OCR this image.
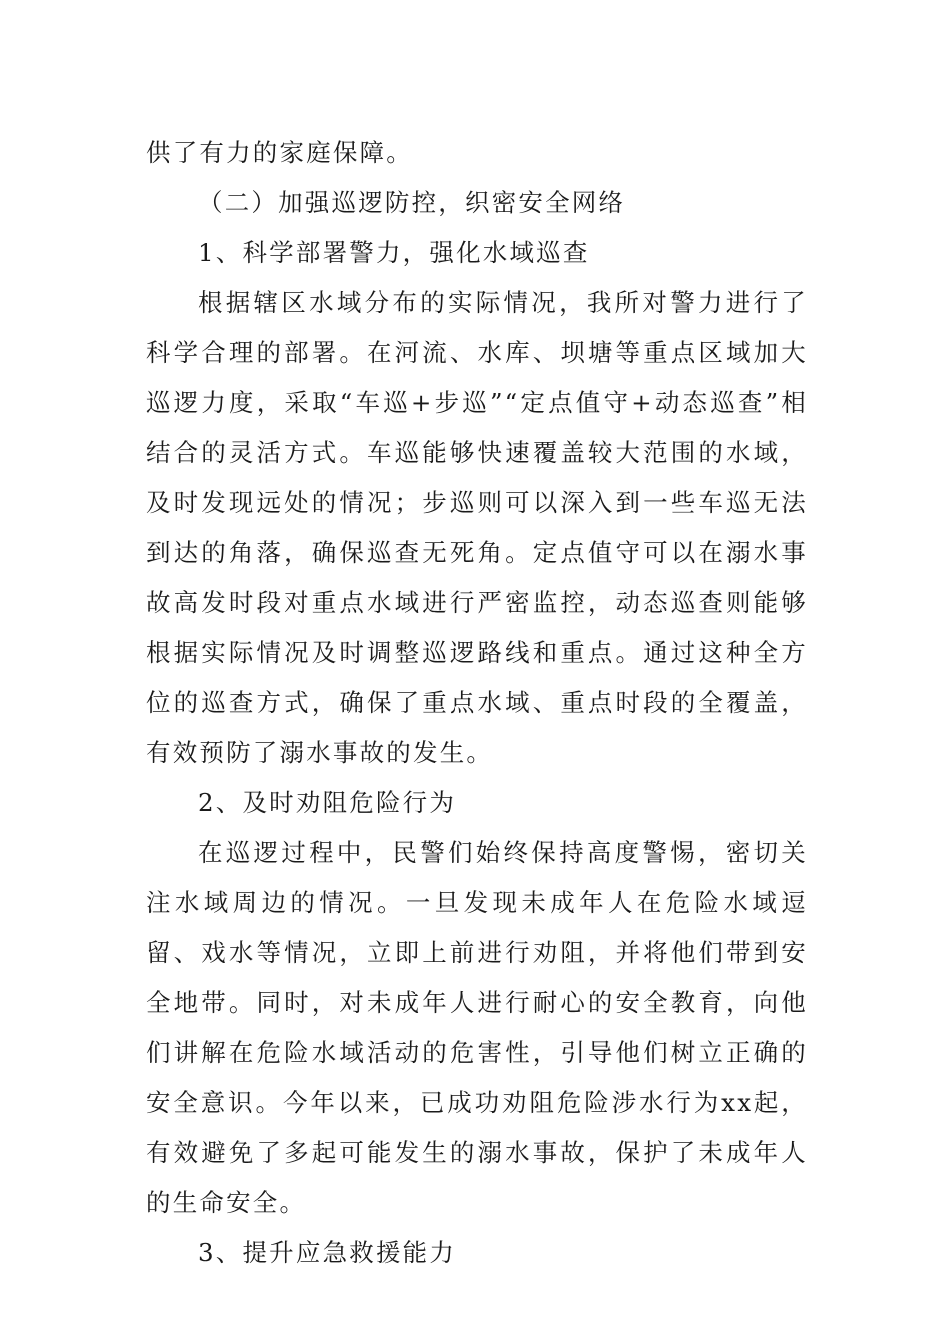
供了有力的家庭保障。

（二）加强巡逻防控，织密安全网络

1、科学部署警力，强化水域巡查

根据辖区水域分布的实际情况，我所对警力进行了科学合理的部署。在河流、水库、坝塘等重点区域加大巡逻力度，采取“车巡+步巡”“定点值守+动态巡查”相结合的灵活方式。车巡能够快速覆盖较大范围的水域，及时发现远处的情况；步巡则可以深入到一些车巡无法到达的角落，确保巡查无死角。定点值守可以在溺水事故高发时段对重点水域进行严密监控，动态巡查则能够根据实际情况及时调整巡逻路线和重点。通过这种全方位的巡查方式，确保了重点水域、重点时段的全覆盖，有效预防了溺水事故的发生。

2、及时劝阻危险行为

在巡逻过程中，民警们始终保持高度警惕，密切关注水域周边的情况。一旦发现未成年人在危险水域逗留、戏水等情况，立即上前进行劝阻，并将他们带到安全地带。同时，对未成年人进行耐心的安全教育，向他们讲解在危险水域活动的危害性，引导他们树立正确的安全意识。今年以来，已成功劝阻危险涉水行为xx起，有效避免了多起可能发生的溺水事故，保护了未成年人的生命安全。

3、提升应急救援能力
